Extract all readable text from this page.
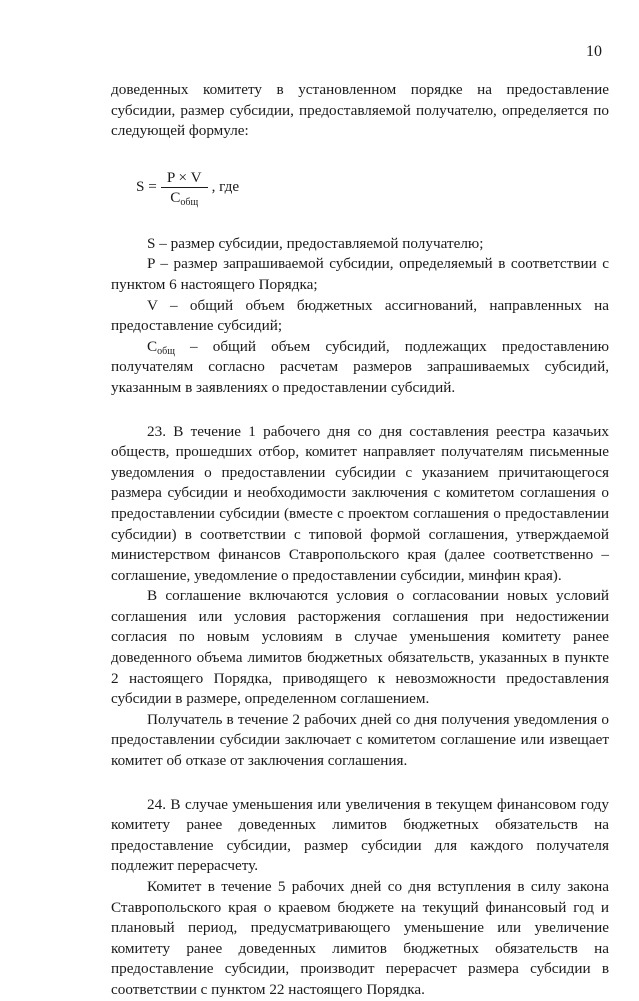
10

доведенных комитету в установленном порядке на предоставление субсидии, размер субсидии, предоставляемой получателю, определяется по следующей формуле:

$S = \frac{P \times V}{С_{общ}}$ , где

S – размер субсидии, предоставляемой получателю;

P – размер запрашиваемой субсидии, определяемый в соответствии с пунктом 6 настоящего Порядка;

V – общий объем бюджетных ассигнований, направленных на предоставление субсидий;

$С_{общ}$ – общий объем субсидий, подлежащих предоставлению получателям согласно расчетам размеров запрашиваемых субсидий, указанным в заявлениях о предоставлении субсидий.

23. В течение 1 рабочего дня со дня составления реестра казачьих обществ, прошедших отбор, комитет направляет получателям письменные уведомления о предоставлении субсидии с указанием причитающегося размера субсидии и необходимости заключения с комитетом соглашения о предоставлении субсидии (вместе с проектом соглашения о предоставлении субсидии) в соответствии с типовой формой соглашения, утверждаемой министерством финансов Ставропольского края (далее соответственно – соглашение, уведомление о предоставлении субсидии, минфин края).

В соглашение включаются условия о согласовании новых условий соглашения или условия расторжения соглашения при недостижении согласия по новым условиям в случае уменьшения комитету ранее доведенного объема лимитов бюджетных обязательств, указанных в пункте 2 настоящего Порядка, приводящего к невозможности предоставления субсидии в размере, определенном соглашением.

Получатель в течение 2 рабочих дней со дня получения уведомления о предоставлении субсидии заключает с комитетом соглашение или извещает комитет об отказе от заключения соглашения.

24. В случае уменьшения или увеличения в текущем финансовом году комитету ранее доведенных лимитов бюджетных обязательств на предоставление субсидии, размер субсидии для каждого получателя подлежит перерасчету.

Комитет в течение 5 рабочих дней со дня вступления в силу закона Ставропольского края о краевом бюджете на текущий финансовый год и плановый период, предусматривающего уменьшение или увеличение комитету ранее доведенных лимитов бюджетных обязательств на предоставление субсидии, производит перерасчет размера субсидии в соответствии с пунктом 22 настоящего Порядка.
